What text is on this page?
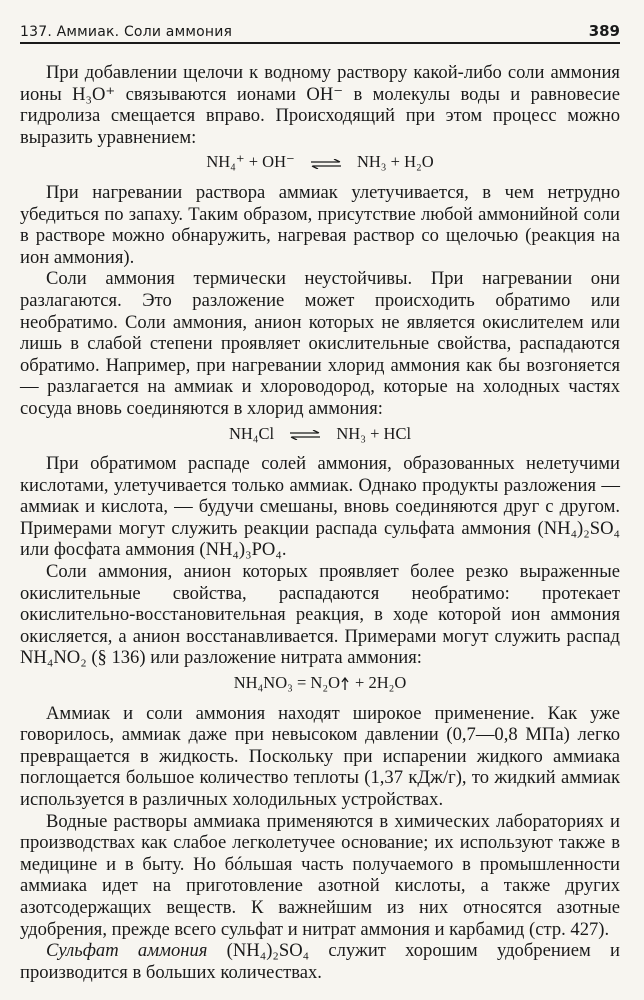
137. Аммиак. Соли аммония	389

При добавлении щелочи к водному раствору какой-либо соли аммония ионы H₃O⁺ связываются ионами OH⁻ в молекулы воды и равновесие гидролиза смещается вправо. Происходящий при этом процесс можно выразить уравнением:

NH₄⁺ + OH⁻ ⇌ NH₃ + H₂O

При нагревании раствора аммиак улетучивается, в чем нетрудно убедиться по запаху. Таким образом, присутствие любой аммонийной соли в растворе можно обнаружить, нагревая раствор со щелочью (реакция на ион аммония).

Соли аммония термически неустойчивы. При нагревании они разлагаются. Это разложение может происходить обратимо или необратимо. Соли аммония, анион которых не является окислителем или лишь в слабой степени проявляет окислительные свойства, распадаются обратимо. Например, при нагревании хлорид аммония как бы возгоняется — разлагается на аммиак и хлороводород, которые на холодных частях сосуда вновь соединяются в хлорид аммония:

NH₄Cl ⇌ NH₃ + HCl

При обратимом распаде солей аммония, образованных нелетучими кислотами, улетучивается только аммиак. Однако продукты разложения — аммиак и кислота, — будучи смешаны, вновь соединяются друг с другом. Примерами могут служить реакции распада сульфата аммония (NH₄)₂SO₄ или фосфата аммония (NH₄)₃PO₄.

Соли аммония, анион которых проявляет более резко выраженные окислительные свойства, распадаются необратимо: протекает окислительно-восстановительная реакция, в ходе которой ион аммония окисляется, а анион восстанавливается. Примерами могут служить распад NH₄NO₂ (§ 136) или разложение нитрата аммония:

NH₄NO₃ = N₂O + 2H₂O

Аммиак и соли аммония находят широкое применение. Как уже говорилось, аммиак даже при невысоком давлении (0,7—0,8 МПа) легко превращается в жидкость. Поскольку при испарении жидкого аммиака поглощается большое количество теплоты (1,37 кДж/г), то жидкий аммиак используется в различных холодильных устройствах.

Водные растворы аммиака применяются в химических лабораториях и производствах как слабое легколетучее основание; их используют также в медицине и в быту. Но бóльшая часть получаемого в промышленности аммиака идет на приготовление азотной кислоты, а также других азотсодержащих веществ. К важнейшим из них относятся азотные удобрения, прежде всего сульфат и нитрат аммония и карбамид (стр. 427).

Сульфат аммония (NH₄)₂SO₄ служит хорошим удобрением и производится в больших количествах.
